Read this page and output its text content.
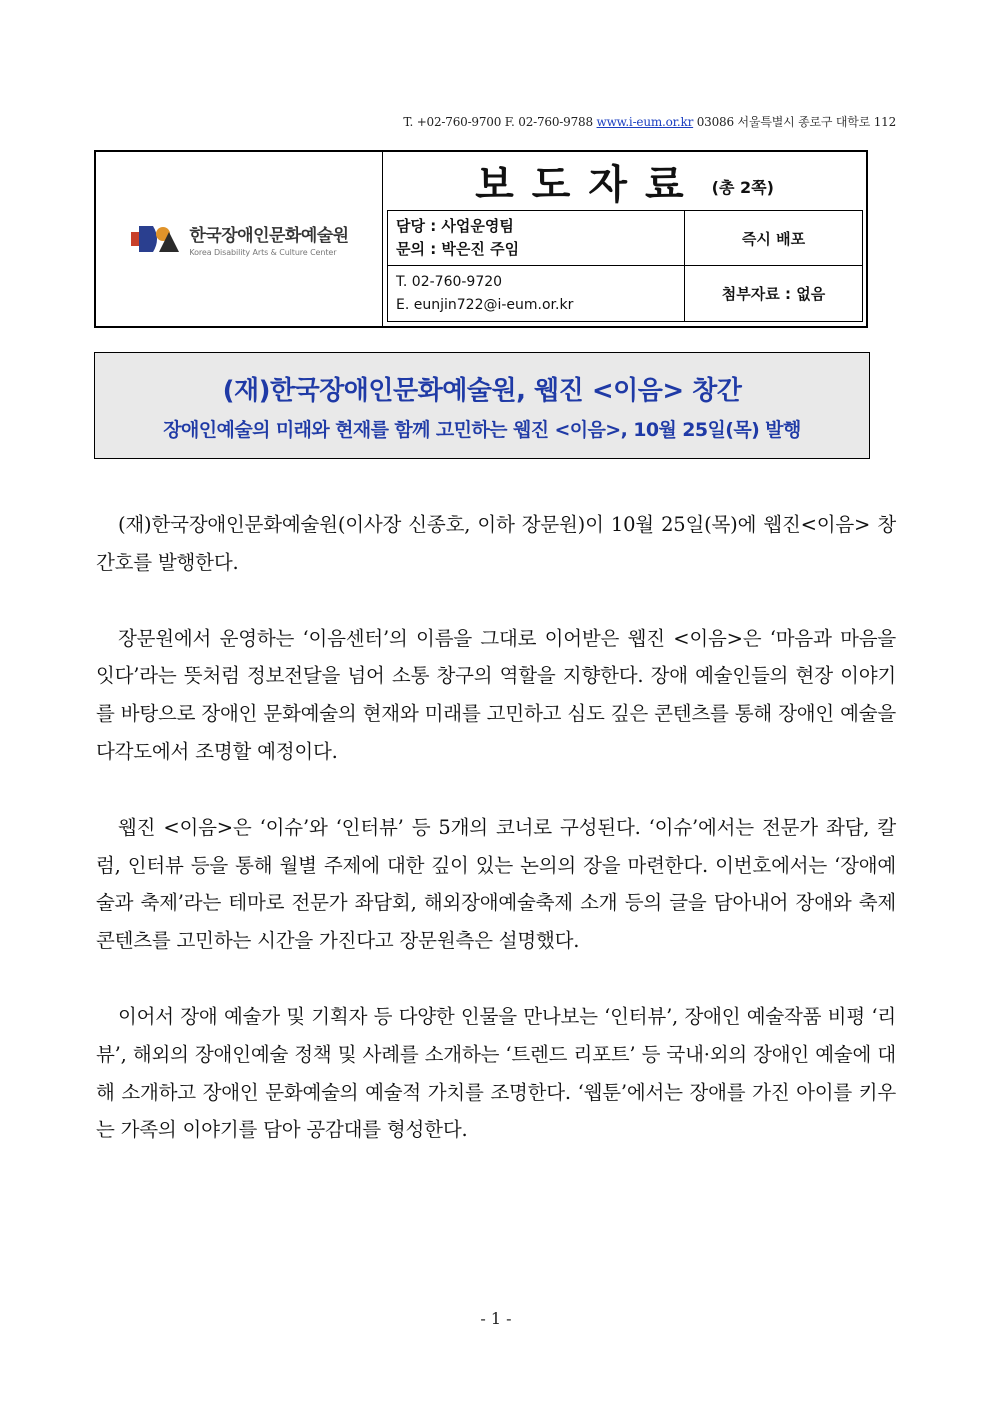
T. +02-760-9700 F. 02-760-9788 www.i-eum.or.kr 03086 서울특별시 종로구 대학로 112
한국장애인문화예술원
Korea Disability Arts & Culture Center
보도자료 (총 2쪽)
담당 : 사업운영팀
문의 : 박은진 주임
즉시 배포
T. 02-760-9720
E. eunjin722@i-eum.or.kr
첨부자료 : 없음
(재)한국장애인문화예술원, 웹진 <이음> 창간
장애인예술의 미래와 현재를 함께 고민하는 웹진 <이음>, 10월 25일(목) 발행

(재)한국장애인문화예술원(이사장 신종호, 이하 장문원)이 10월 25일(목)에 웹진<이음> 창간호를 발행한다.

장문원에서 운영하는 ‘이음센터’의 이름을 그대로 이어받은 웹진 <이음>은 ‘마음과 마음을 잇다’라는 뜻처럼 정보전달을 넘어 소통 창구의 역할을 지향한다. 장애 예술인들의 현장 이야기를 바탕으로 장애인 문화예술의 현재와 미래를 고민하고 심도 깊은 콘텐츠를 통해 장애인 예술을 다각도에서 조명할 예정이다.

웹진 <이음>은 ‘이슈’와 ‘인터뷰’ 등 5개의 코너로 구성된다. ‘이슈’에서는 전문가 좌담, 칼럼, 인터뷰 등을 통해 월별 주제에 대한 깊이 있는 논의의 장을 마련한다. 이번호에서는 ‘장애예술과 축제’라는 테마로 전문가 좌담회, 해외장애예술축제 소개 등의 글을 담아내어 장애와 축제 콘텐츠를 고민하는 시간을 가진다고 장문원측은 설명했다.

이어서 장애 예술가 및 기획자 등 다양한 인물을 만나보는 ‘인터뷰’, 장애인 예술작품 비평 ‘리뷰’, 해외의 장애인예술 정책 및 사례를 소개하는 ‘트렌드 리포트’ 등 국내·외의 장애인 예술에 대해 소개하고 장애인 문화예술의 예술적 가치를 조명한다. ‘웹툰’에서는 장애를 가진 아이를 키우는 가족의 이야기를 담아 공감대를 형성한다.

- 1 -
